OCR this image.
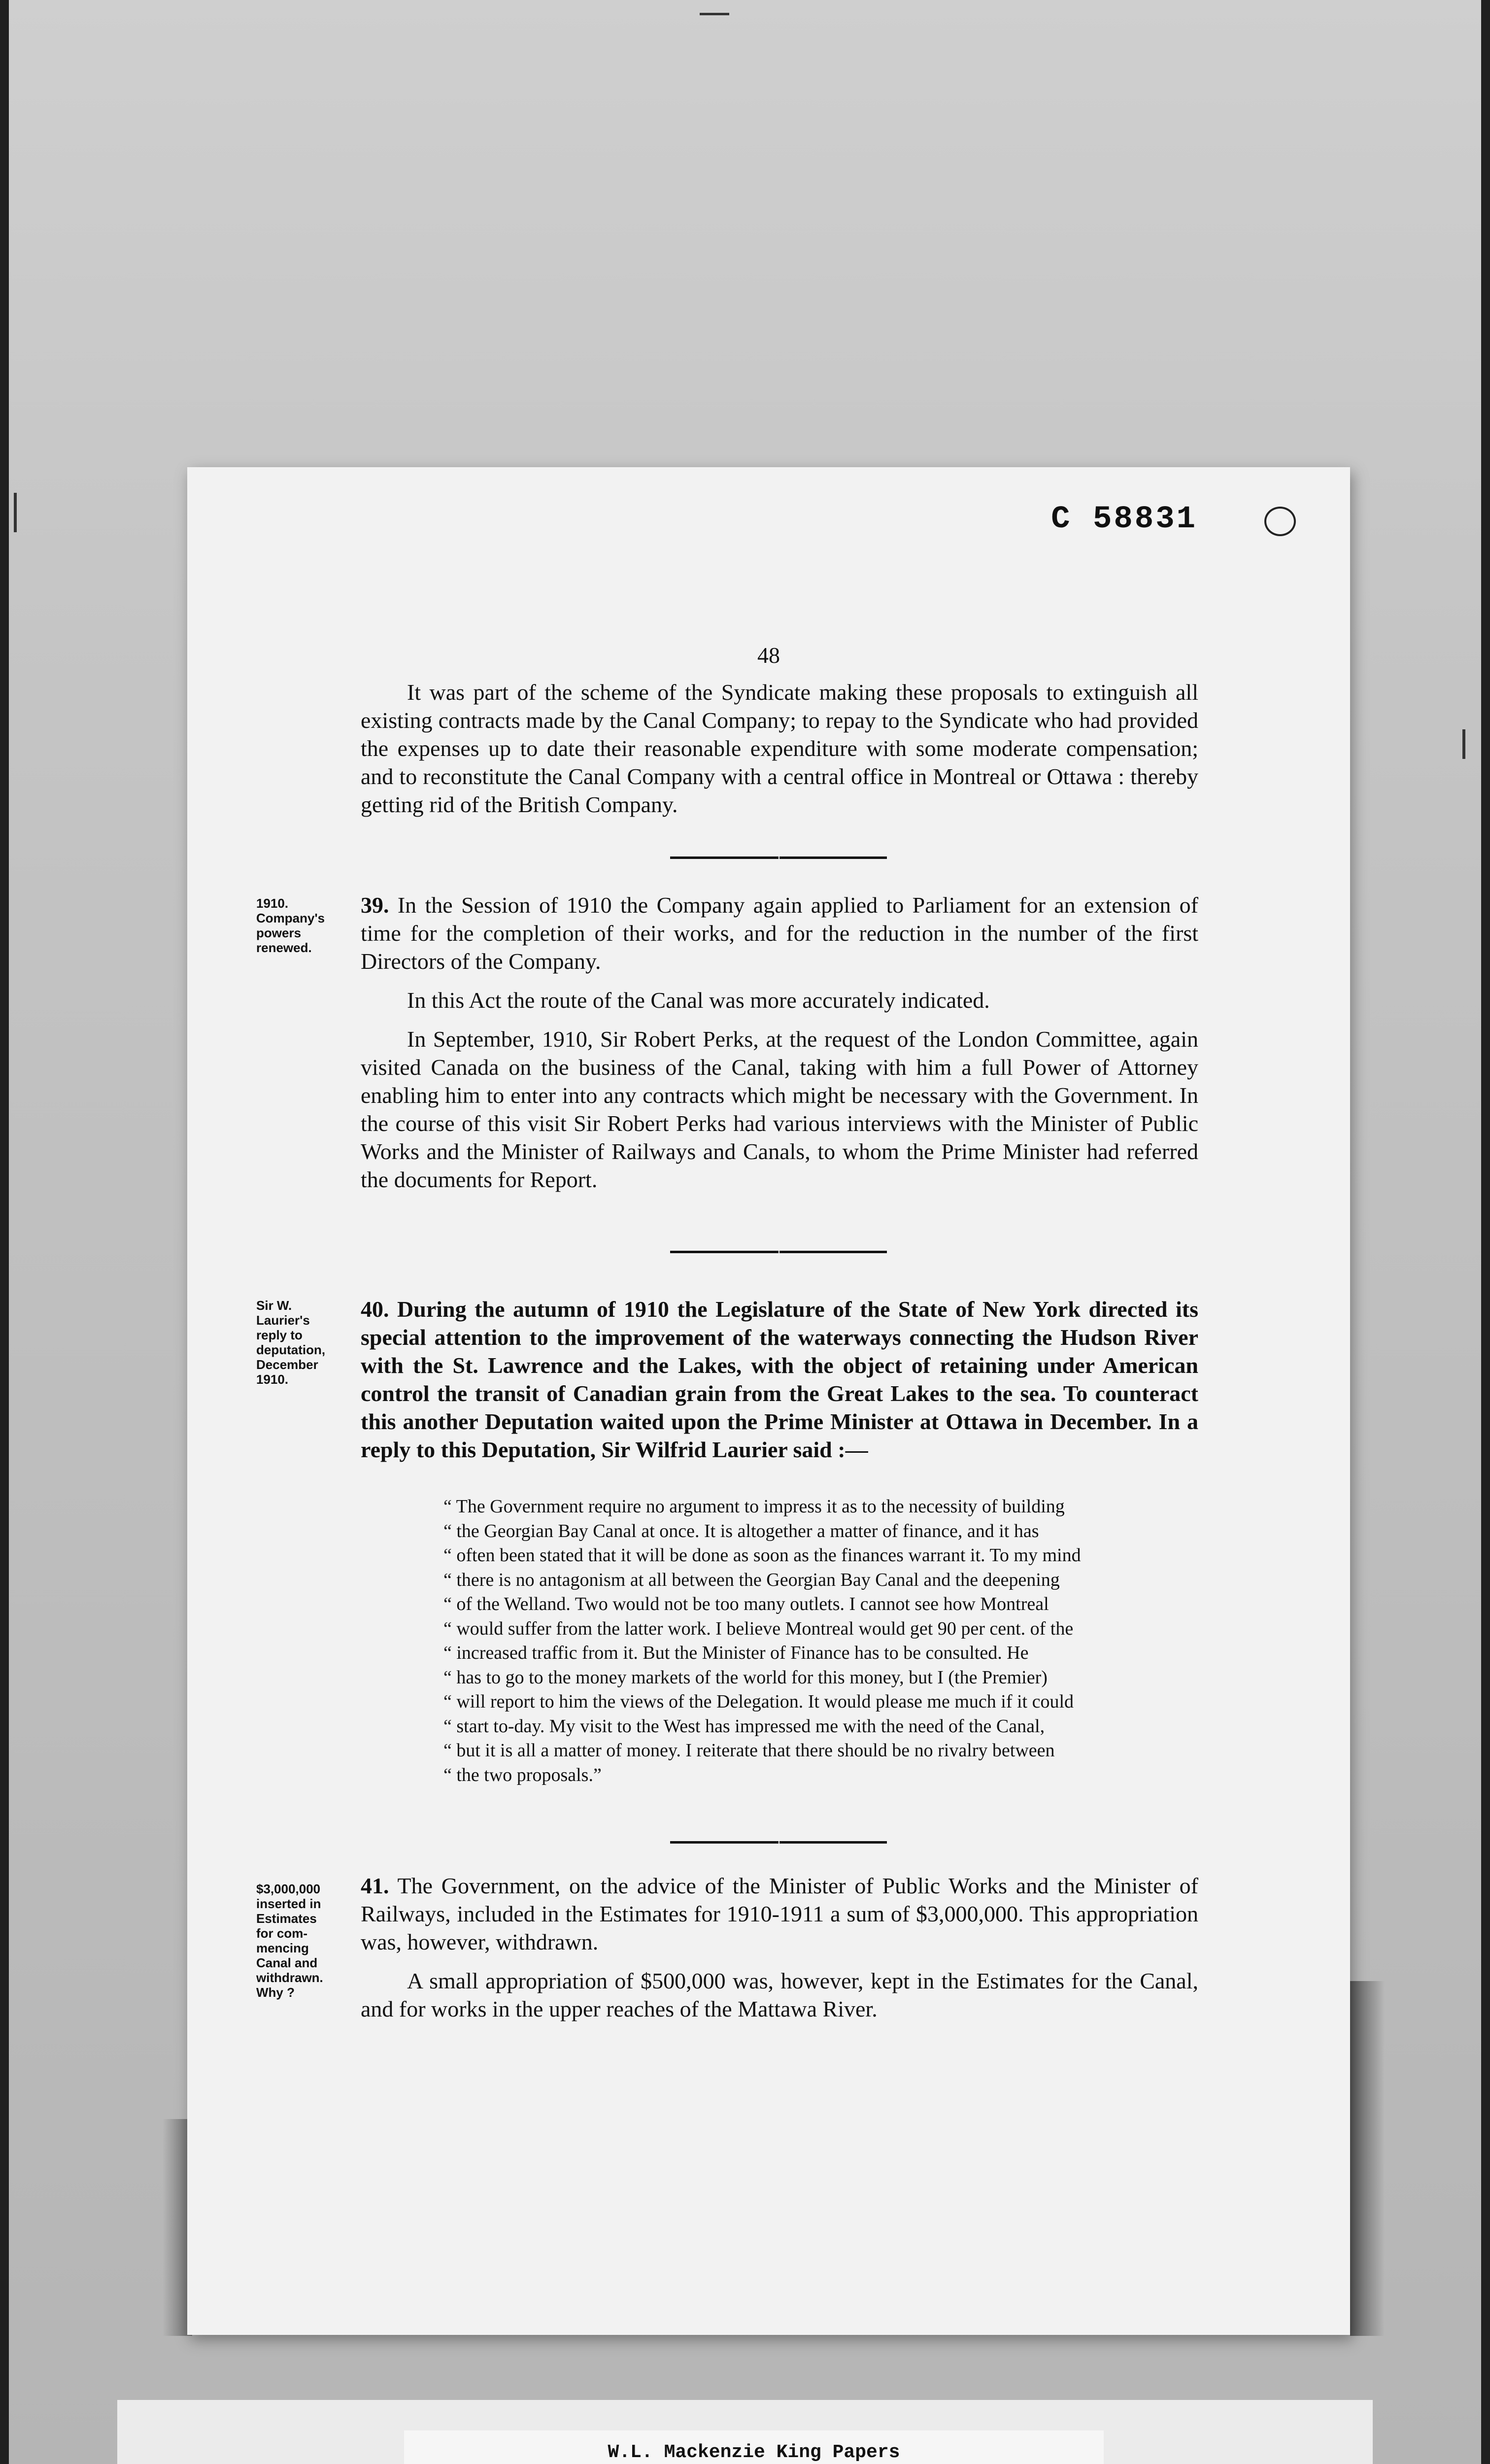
C 58831
48

It was part of the scheme of the Syndicate making these proposals to extinguish all existing contracts made by the Canal Company; to repay to the Syndicate who had provided the expenses up to date their reasonable expenditure with some moderate compensation; and to reconstitute the Canal Company with a central office in Montreal or Ottawa : thereby getting rid of the British Company.

1910.
Company's
powers
renewed.

39. In the Session of 1910 the Company again applied to Parliament for an extension of time for the completion of their works, and for the reduction in the number of the first Directors of the Company.

In this Act the route of the Canal was more accurately indicated.

In September, 1910, Sir Robert Perks, at the request of the London Committee, again visited Canada on the business of the Canal, taking with him a full Power of Attorney enabling him to enter into any contracts which might be necessary with the Government. In the course of this visit Sir Robert Perks had various interviews with the Minister of Public Works and the Minister of Railways and Canals, to whom the Prime Minister had referred the documents for Report.

Sir W.
Laurier's
reply to
deputation,
December
1910.

40. During the autumn of 1910 the Legislature of the State of New York directed its special attention to the improvement of the waterways connecting the Hudson River with the St. Lawrence and the Lakes, with the object of retaining under American control the transit of Canadian grain from the Great Lakes to the sea. To counteract this another Deputation waited upon the Prime Minister at Ottawa in December. In a reply to this Deputation, Sir Wilfrid Laurier said :—

“ The Government require no argument to impress it as to the necessity of building

“ the Georgian Bay Canal at once. It is altogether a matter of finance, and it has

“ often been stated that it will be done as soon as the finances warrant it. To my mind

“ there is no antagonism at all between the Georgian Bay Canal and the deepening

“ of the Welland. Two would not be too many outlets. I cannot see how Montreal

“ would suffer from the latter work. I believe Montreal would get 90 per cent. of the

“ increased traffic from it. But the Minister of Finance has to be consulted. He

“ has to go to the money markets of the world for this money, but I (the Premier)

“ will report to him the views of the Delegation. It would please me much if it could

“ start to-day. My visit to the West has impressed me with the need of the Canal,

“ but it is all a matter of money. I reiterate that there should be no rivalry between

“ the two proposals.”

$3,000,000
inserted in
Estimates
for com-
mencing
Canal and
withdrawn.
Why ?

41. The Government, on the advice of the Minister of Public Works and the Minister of Railways, included in the Estimates for 1910-1911 a sum of $3,000,000. This appropriation was, however, withdrawn.

A small appropriation of $500,000 was, however, kept in the Estimates for the Canal, and for works in the upper reaches of the Mattawa River.

W.L. Mackenzie King Papers
